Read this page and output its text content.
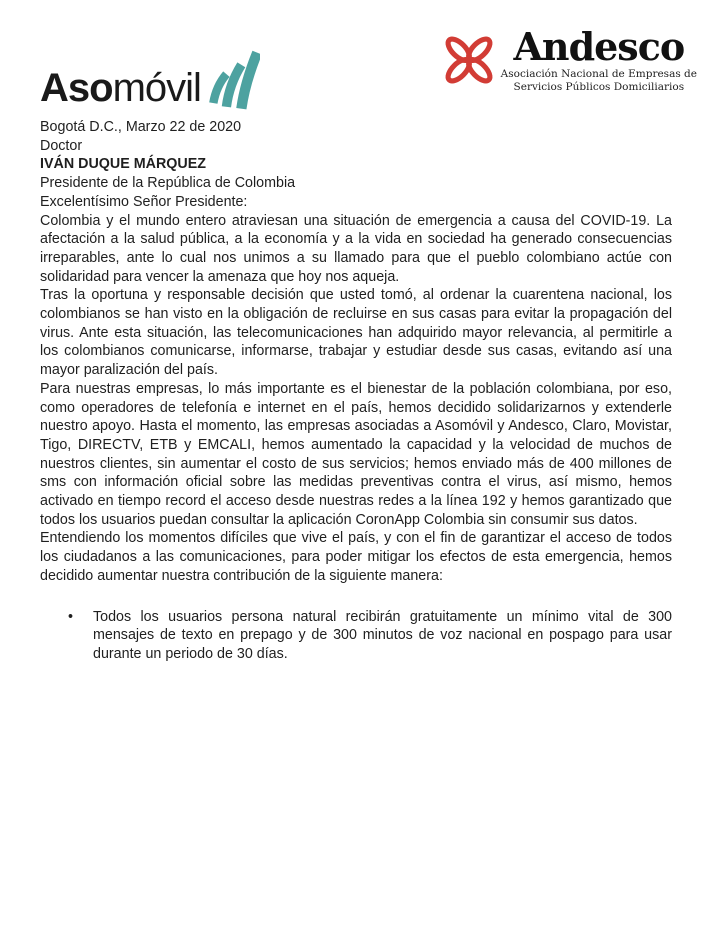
Asomóvil
Andesco
Asociación Nacional de Empresas de
Servicios Públicos Domiciliarios

Bogotá D.C., Marzo 22 de 2020

Doctor

IVÁN DUQUE MÁRQUEZ

Presidente de la República de Colombia

Excelentísimo Señor Presidente:

Colombia y el mundo entero atraviesan una situación de emergencia a causa del COVID-19. La afectación a la salud pública, a la economía y a la vida en sociedad ha generado consecuencias irreparables, ante lo cual nos unimos a su llamado para que el pueblo colombiano actúe con solidaridad para vencer la amenaza que hoy nos aqueja.

Tras la oportuna y responsable decisión que usted tomó, al ordenar la cuarentena nacional, los colombianos se han visto en la obligación de recluirse en sus casas para evitar la propagación del virus. Ante esta situación, las telecomunicaciones han adquirido mayor relevancia, al permitirle a los colombianos comunicarse, informarse, trabajar y estudiar desde sus casas, evitando así una mayor paralización del país.

Para nuestras empresas, lo más importante es el bienestar de la población colombiana, por eso, como operadores de telefonía e internet en el país, hemos decidido solidarizarnos y extenderle nuestro apoyo. Hasta el momento, las empresas asociadas a Asomóvil y Andesco, Claro, Movistar, Tigo, DIRECTV, ETB y EMCALI, hemos aumentado la capacidad y la velocidad de muchos de nuestros clientes, sin aumentar el costo de sus servicios; hemos enviado más de 400 millones de sms con información oficial sobre las medidas preventivas contra el virus, así mismo, hemos activado en tiempo record el acceso desde nuestras redes a la línea 192 y hemos garantizado que todos los usuarios puedan consultar la aplicación CoronApp Colombia sin consumir sus datos.

Entendiendo los momentos difíciles que vive el país, y con el fin de garantizar el acceso de todos los ciudadanos a las comunicaciones, para poder mitigar los efectos de esta emergencia, hemos decidido aumentar nuestra contribución de la siguiente manera:

• Todos los usuarios persona natural recibirán gratuitamente un mínimo vital de 300 mensajes de texto en prepago y de 300 minutos de voz nacional en pospago para usar durante un periodo de 30 días.
